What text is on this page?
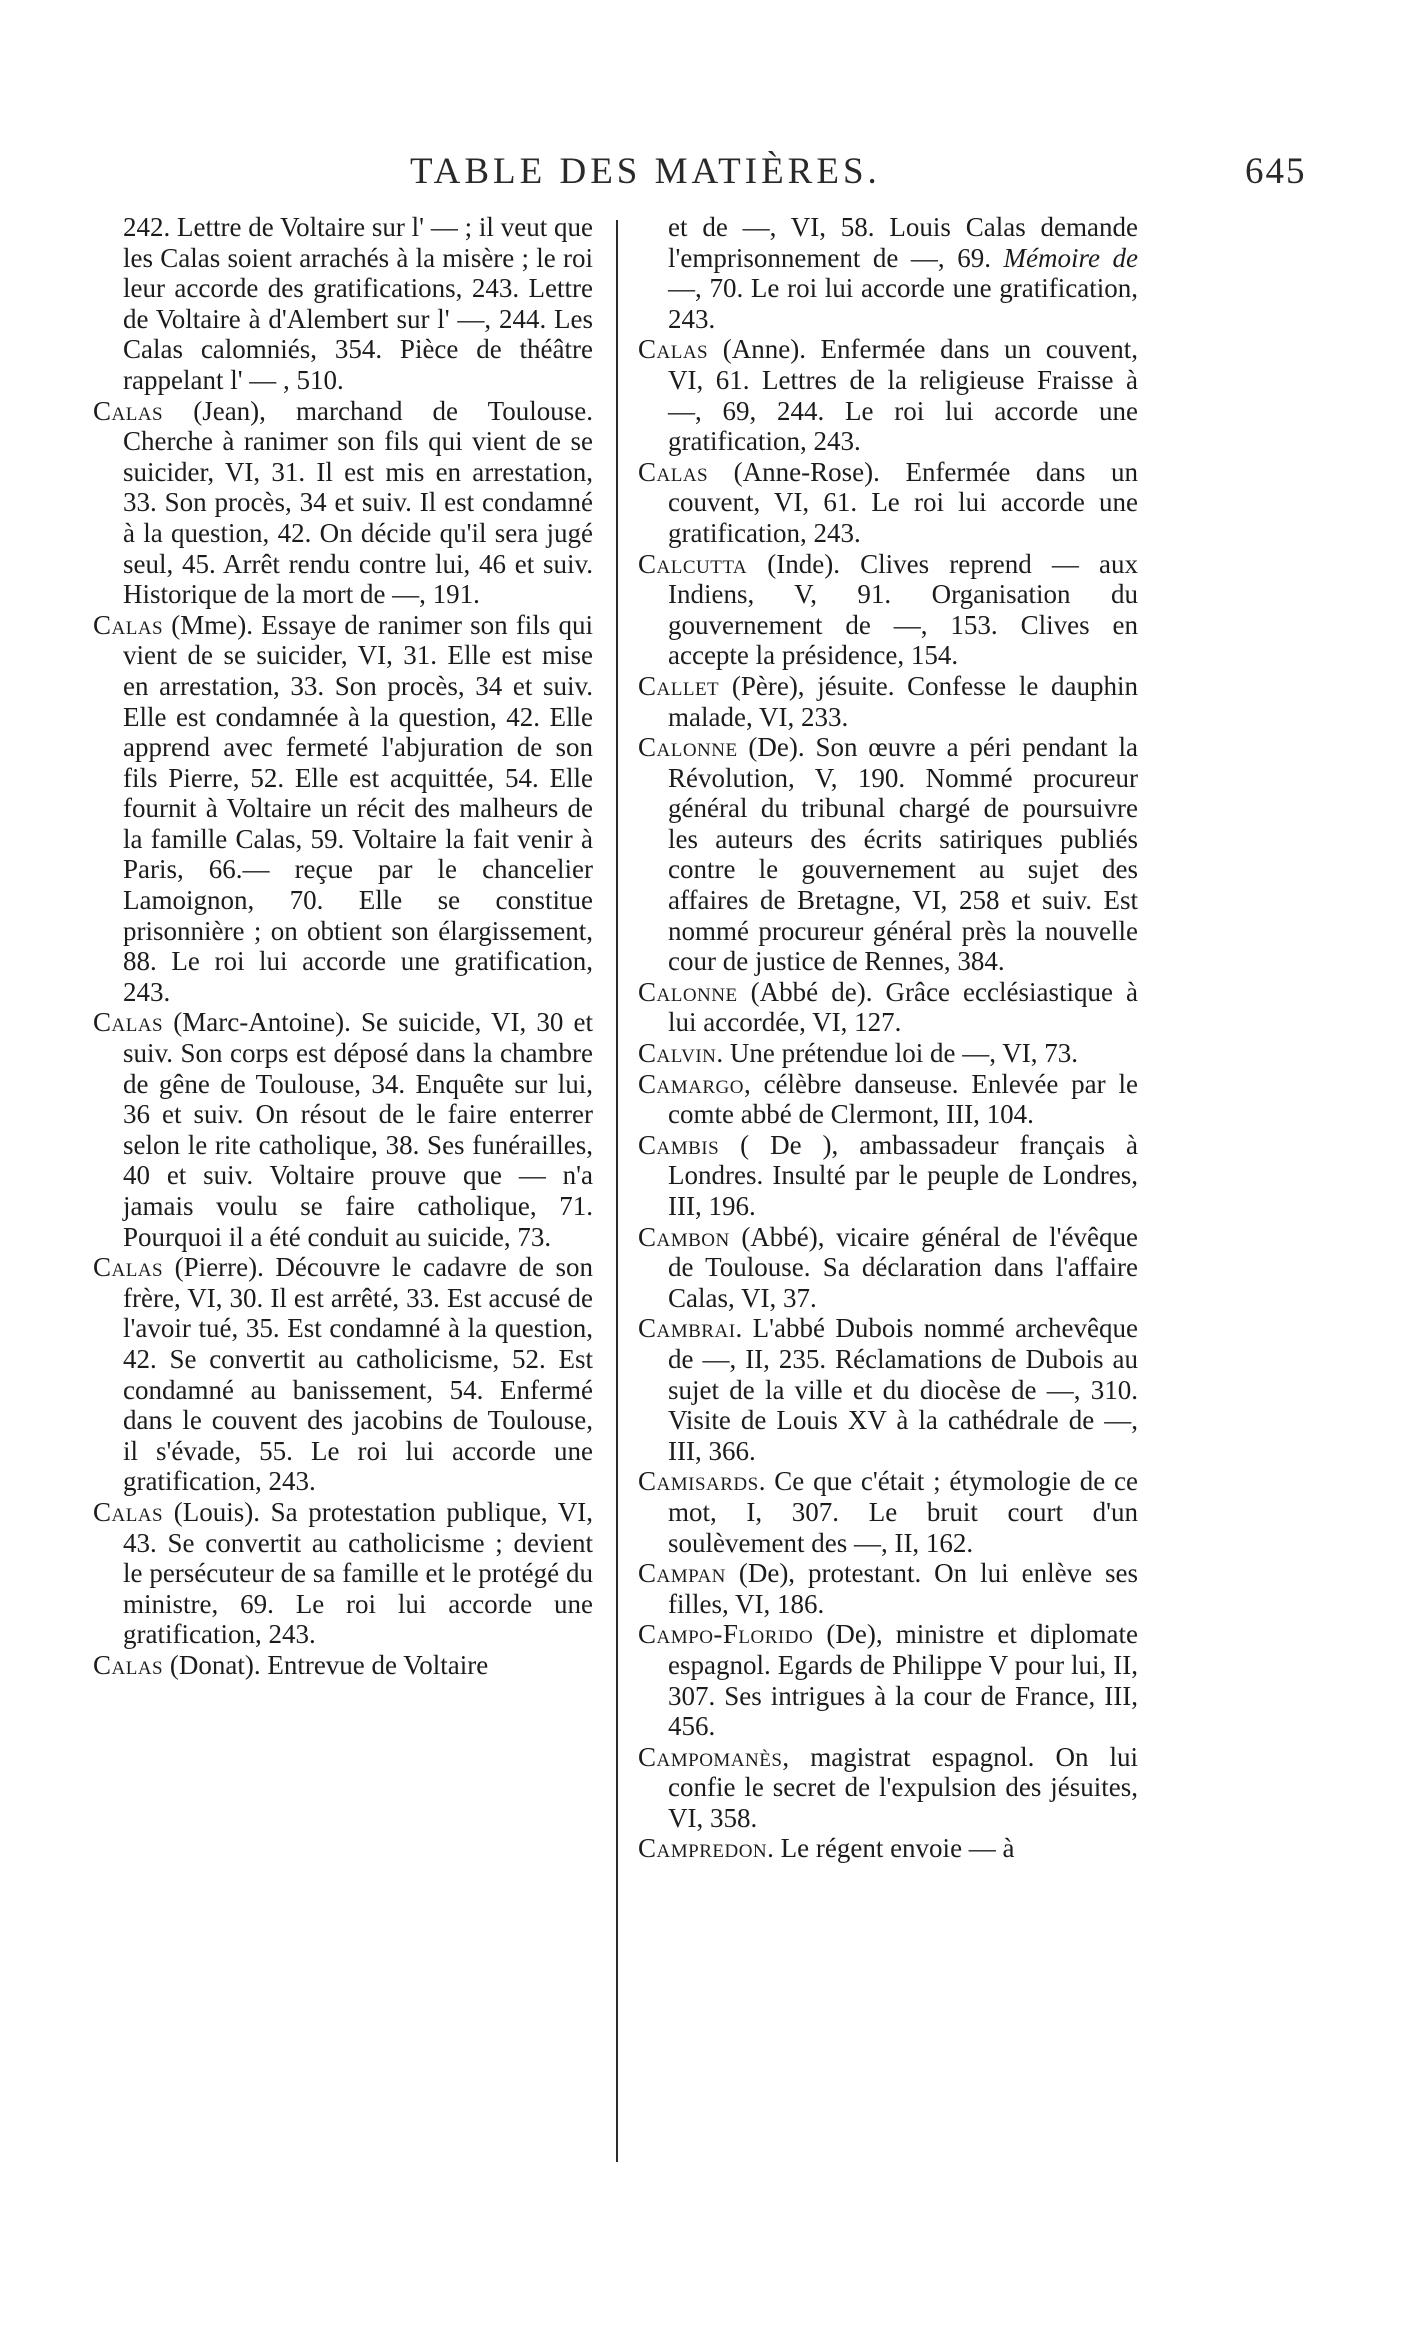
TABLE DES MATIÈRES.	645

242. Lettre de Voltaire sur l' — ; il veut que les Calas soient arrachés à la misère ; le roi leur accorde des gratifications, 243. Lettre de Voltaire à d'Alembert sur l' —, 244. Les Calas calomniés, 354. Pièce de théâtre rappelant l' — , 510.

Calas (Jean), marchand de Toulouse. Cherche à ranimer son fils qui vient de se suicider, VI, 31. Il est mis en arrestation, 33. Son procès, 34 et suiv. Il est condamné à la question, 42. On décide qu'il sera jugé seul, 45. Arrêt rendu contre lui, 46 et suiv. Historique de la mort de —, 191.

Calas (Mme). Essaye de ranimer son fils qui vient de se suicider, VI, 31. Elle est mise en arrestation, 33. Son procès, 34 et suiv. Elle est condamnée à la question, 42. Elle apprend avec fermeté l'abjuration de son fils Pierre, 52. Elle est acquittée, 54. Elle fournit à Voltaire un récit des malheurs de la famille Calas, 59. Voltaire la fait venir à Paris, 66.— reçue par le chancelier Lamoignon, 70. Elle se constitue prisonnière ; on obtient son élargissement, 88. Le roi lui accorde une gratification, 243.

Calas (Marc-Antoine). Se suicide, VI, 30 et suiv. Son corps est déposé dans la chambre de gêne de Toulouse, 34. Enquête sur lui, 36 et suiv. On résout de le faire enterrer selon le rite catholique, 38. Ses funérailles, 40 et suiv. Voltaire prouve que — n'a jamais voulu se faire catholique, 71. Pourquoi il a été conduit au suicide, 73.

Calas (Pierre). Découvre le cadavre de son frère, VI, 30. Il est arrêté, 33. Est accusé de l'avoir tué, 35. Est condamné à la question, 42. Se convertit au catholicisme, 52. Est condamné au banissement, 54. Enfermé dans le couvent des jacobins de Toulouse, il s'évade, 55. Le roi lui accorde une gratification, 243.

Calas (Louis). Sa protestation publique, VI, 43. Se convertit au catholicisme ; devient le persécuteur de sa famille et le protégé du ministre, 69. Le roi lui accorde une gratification, 243.

Calas (Donat). Entrevue de Voltaire

et de —, VI, 58. Louis Calas demande l'emprisonnement de —, 69. Mémoire de —, 70. Le roi lui accorde une gratification, 243.

Calas (Anne). Enfermée dans un couvent, VI, 61. Lettres de la religieuse Fraisse à —, 69, 244. Le roi lui accorde une gratification, 243.

Calas (Anne-Rose). Enfermée dans un couvent, VI, 61. Le roi lui accorde une gratification, 243.

Calcutta (Inde). Clives reprend — aux Indiens, V, 91. Organisation du gouvernement de —, 153. Clives en accepte la présidence, 154.

Callet (Père), jésuite. Confesse le dauphin malade, VI, 233.

Calonne (De). Son œuvre a péri pendant la Révolution, V, 190. Nommé procureur général du tribunal chargé de poursuivre les auteurs des écrits satiriques publiés contre le gouvernement au sujet des affaires de Bretagne, VI, 258 et suiv. Est nommé procureur général près la nouvelle cour de justice de Rennes, 384.

Calonne (Abbé de). Grâce ecclésiastique à lui accordée, VI, 127.

Calvin. Une prétendue loi de —, VI, 73.

Camargo, célèbre danseuse. Enlevée par le comte abbé de Clermont, III, 104.

Cambis ( De ), ambassadeur français à Londres. Insulté par le peuple de Londres, III, 196.

Cambon (Abbé), vicaire général de l'évêque de Toulouse. Sa déclaration dans l'affaire Calas, VI, 37.

Cambrai. L'abbé Dubois nommé archevêque de —, II, 235. Réclamations de Dubois au sujet de la ville et du diocèse de —, 310. Visite de Louis XV à la cathédrale de —, III, 366.

Camisards. Ce que c'était ; étymologie de ce mot, I, 307. Le bruit court d'un soulèvement des —, II, 162.

Campan (De), protestant. On lui enlève ses filles, VI, 186.

Campo-Florido (De), ministre et diplomate espagnol. Egards de Philippe V pour lui, II, 307. Ses intrigues à la cour de France, III, 456.

Campomanès, magistrat espagnol. On lui confie le secret de l'expulsion des jésuites, VI, 358.

Campredon. Le régent envoie — à
